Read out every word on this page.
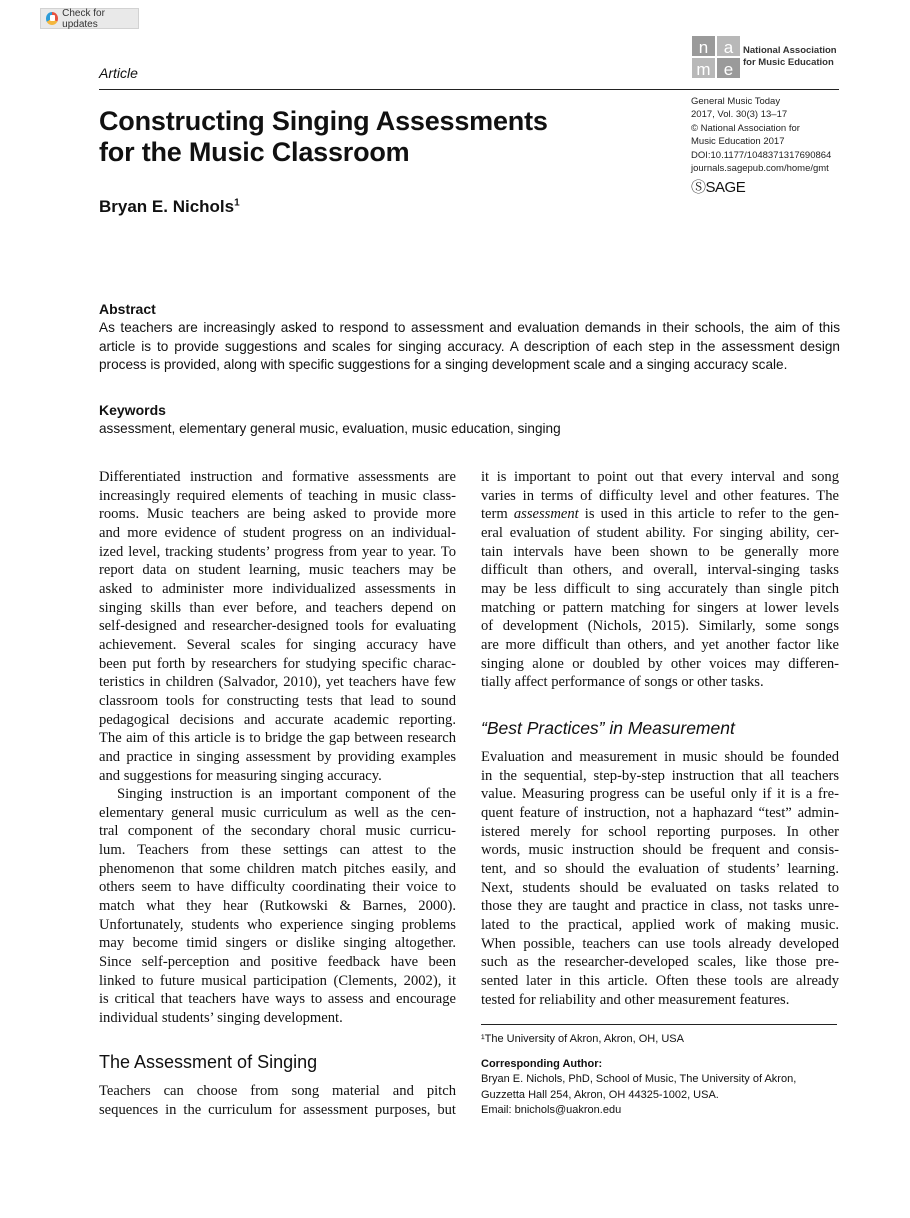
Check for updates
Article
Constructing Singing Assessments
for the Music Classroom
n a
m e
National Association
for Music Education
General Music Today
2017, Vol. 30(3) 13–17
© National Association for
Music Education 2017
DOI:10.1177/1048371317690864
journals.sagepub.com/home/gmt
ⓈSAGE
Bryan E. Nichols$^1$
Abstract
As teachers are increasingly asked to respond to assessment and evaluation demands in their schools, the aim of this
article is to provide suggestions and scales for singing accuracy. A description of each step in the assessment design
process is provided, along with specific suggestions for a singing development scale and a singing accuracy scale.
Keywords
assessment, elementary general music, evaluation, music education, singing
Differentiated instruction and formative assessments are
increasingly required elements of teaching in music class-
rooms. Music teachers are being asked to provide more
and more evidence of student progress on an individual-
ized level, tracking students’ progress from year to year. To
report data on student learning, music teachers may be
asked to administer more individualized assessments in
singing skills than ever before, and teachers depend on
self-designed and researcher-designed tools for evaluating
achievement. Several scales for singing accuracy have
been put forth by researchers for studying specific charac-
teristics in children (Salvador, 2010), yet teachers have few
classroom tools for constructing tests that lead to sound
pedagogical decisions and accurate academic reporting.
The aim of this article is to bridge the gap between research
and practice in singing assessment by providing examples
and suggestions for measuring singing accuracy.
Singing instruction is an important component of the
elementary general music curriculum as well as the cen-
tral component of the secondary choral music curricu-
lum. Teachers from these settings can attest to the
phenomenon that some children match pitches easily, and
others seem to have difficulty coordinating their voice to
match what they hear (Rutkowski & Barnes, 2000).
Unfortunately, students who experience singing problems
may become timid singers or dislike singing altogether.
Since self-perception and positive feedback have been
linked to future musical participation (Clements, 2002), it
is critical that teachers have ways to assess and encourage
individual students’ singing development.
The Assessment of Singing
Teachers can choose from song material and pitch
sequences in the curriculum for assessment purposes, but
it is important to point out that every interval and song
varies in terms of difficulty level and other features. The
term assessment is used in this article to refer to the gen-
eral evaluation of student ability. For singing ability, cer-
tain intervals have been shown to be generally more
difficult than others, and overall, interval-singing tasks
may be less difficult to sing accurately than single pitch
matching or pattern matching for singers at lower levels
of development (Nichols, 2015). Similarly, some songs
are more difficult than others, and yet another factor like
singing alone or doubled by other voices may differen-
tially affect performance of songs or other tasks.
“Best Practices” in Measurement
Evaluation and measurement in music should be founded
in the sequential, step-by-step instruction that all teachers
value. Measuring progress can be useful only if it is a fre-
quent feature of instruction, not a haphazard “test” admin-
istered merely for school reporting purposes. In other
words, music instruction should be frequent and consis-
tent, and so should the evaluation of students’ learning.
Next, students should be evaluated on tasks related to
those they are taught and practice in class, not tasks unre-
lated to the practical, applied work of making music.
When possible, teachers can use tools already developed
such as the researcher-developed scales, like those pre-
sented later in this article. Often these tools are already
tested for reliability and other measurement features.
¹The University of Akron, Akron, OH, USA
Corresponding Author:
Bryan E. Nichols, PhD, School of Music, The University of Akron,
Guzzetta Hall 254, Akron, OH 44325-1002, USA.
Email: bnichols@uakron.edu
